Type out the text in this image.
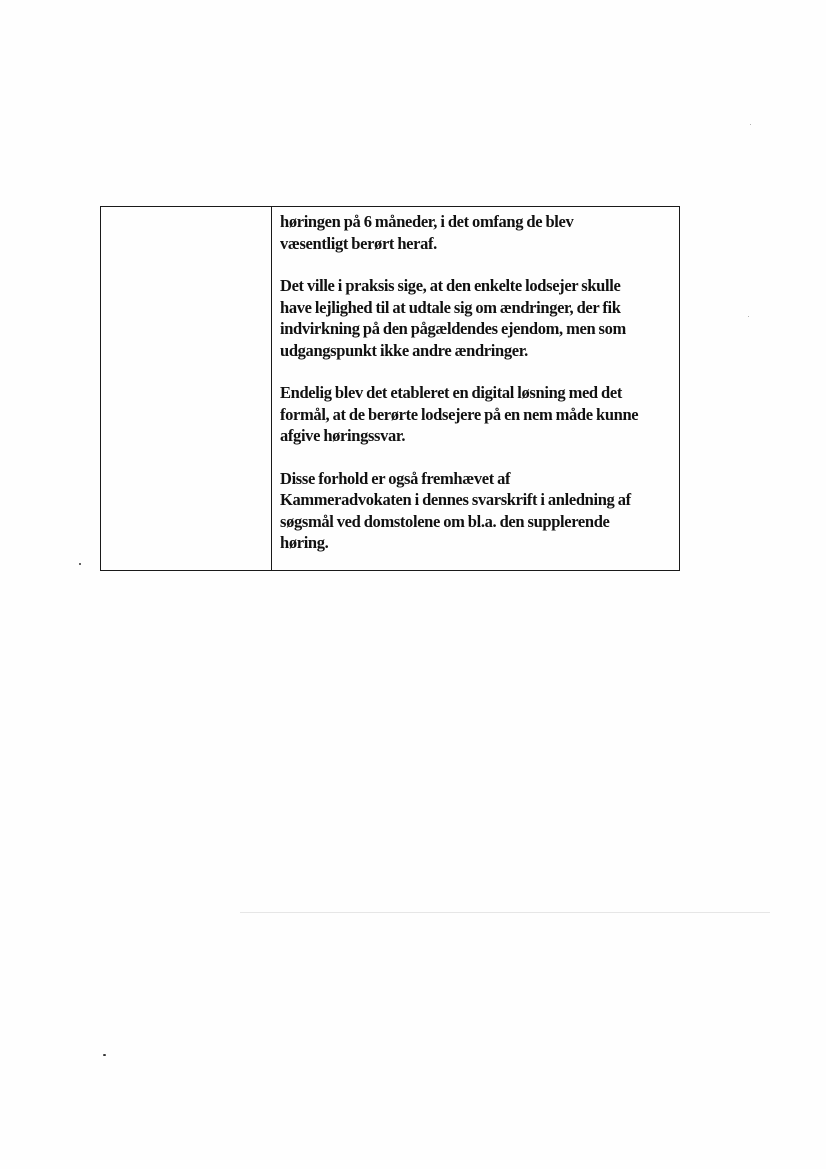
høringen på 6 måneder, i det omfang de blev
væsentligt berørt heraf.

Det ville i praksis sige, at den enkelte lodsejer skulle
have lejlighed til at udtale sig om ændringer, der fik
indvirkning på den pågældendes ejendom, men som
udgangspunkt ikke andre ændringer.

Endelig blev det etableret en digital løsning med det
formål, at de berørte lodsejere på en nem måde kunne
afgive høringssvar.

Disse forhold er også fremhævet af
Kammeradvokaten i dennes svarskrift i anledning af
søgsmål ved domstolene om bl.a. den supplerende
høring.
